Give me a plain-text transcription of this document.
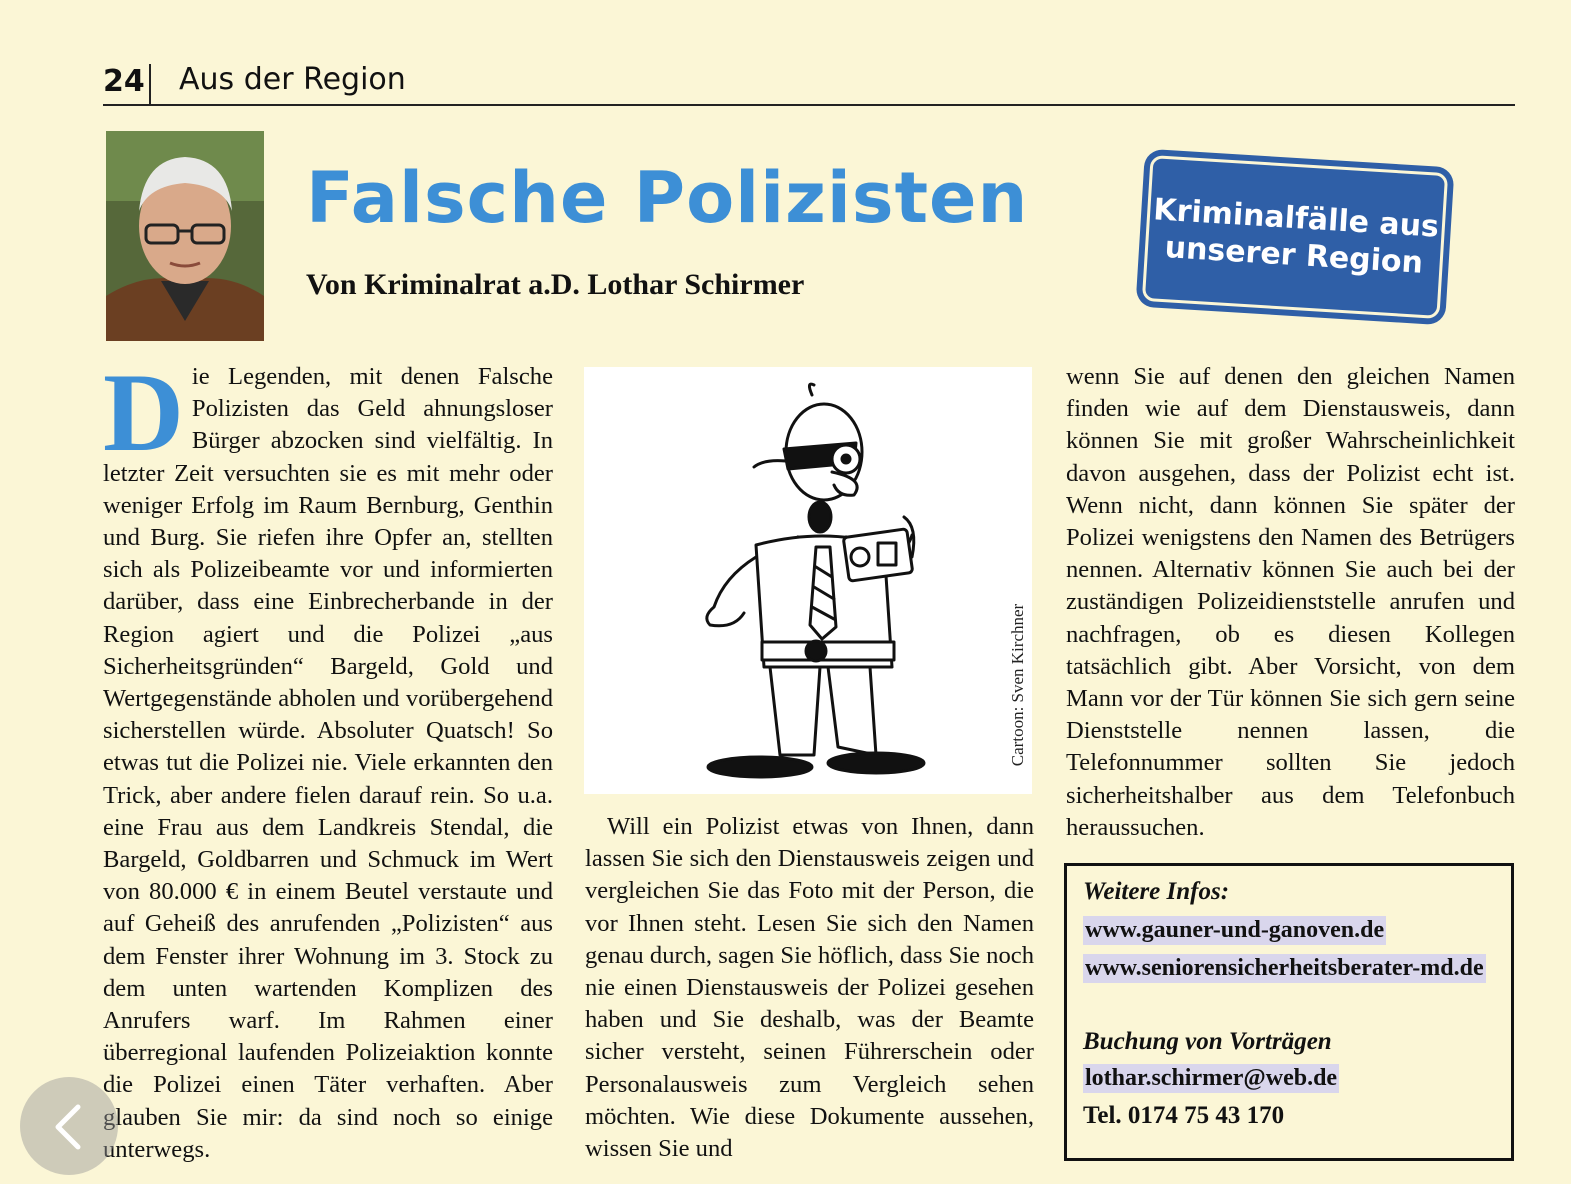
24 Aus der Region
Falsche Polizisten
Von Kriminalrat a.D. Lothar Schirmer
Kriminalfälle aus
unserer Region
D ie Legenden, mit denen Falsche Polizisten das Geld ahnungsloser Bürger abzocken sind vielfältig. In letzter Zeit versuchten sie es mit mehr oder weniger Erfolg im Raum Bernburg, Genthin und Burg. Sie riefen ihre Opfer an, stellten sich als Polizeibeamte vor und informierten darüber, dass eine Einbrecherbande in der Region agiert und die Polizei „aus Sicherheitsgründen“ Bargeld, Gold und Wertgegenstände abholen und vorübergehend sicherstellen würde. Absoluter Quatsch! So etwas tut die Polizei nie. Viele erkannten den Trick, aber andere fielen darauf rein. So u.a. eine Frau aus dem Landkreis Stendal, die Bargeld, Goldbarren und Schmuck im Wert von 80.000 € in einem Beutel verstaute und auf Geheiß des anrufenden „Polizisten“ aus dem Fenster ihrer Wohnung im 3. Stock zu dem unten wartenden Komplizen des Anrufers warf. Im Rahmen einer überregional laufenden Polizeiaktion konnte die Polizei einen Täter verhaften. Aber glauben Sie mir: da sind noch so einige unterwegs.

Cartoon: Sven Kirchner

Will ein Polizist etwas von Ihnen, dann lassen Sie sich den Dienstausweis zeigen und vergleichen Sie das Foto mit der Person, die vor Ihnen steht. Lesen Sie sich den Namen genau durch, sagen Sie höflich, dass Sie noch nie einen Dienstausweis der Polizei gesehen haben und Sie deshalb, was der Beamte sicher versteht, seinen Führerschein oder Personalausweis zum Vergleich sehen möchten. Wie diese Dokumente aussehen, wissen Sie und

wenn Sie auf denen den gleichen Namen finden wie auf dem Dienstausweis, dann können Sie mit großer Wahrscheinlichkeit davon ausgehen, dass der Polizist echt ist. Wenn nicht, dann können Sie später der Polizei wenigstens den Namen des Betrügers nennen. Alternativ können Sie auch bei der zuständigen Polizeidienststelle anrufen und nachfragen, ob es diesen Kollegen tatsächlich gibt. Aber Vorsicht, von dem Mann vor der Tür können Sie sich gern seine Dienststelle nennen lassen, die Telefonnummer sollten Sie jedoch sicherheitshalber aus dem Telefonbuch heraussuchen.

Weitere Infos:
www.gauner-und-ganoven.de
www.seniorensicherheitsberater-md.de
Buchung von Vorträgen
lothar.schirmer@web.de
Tel. 0174 75 43 170
